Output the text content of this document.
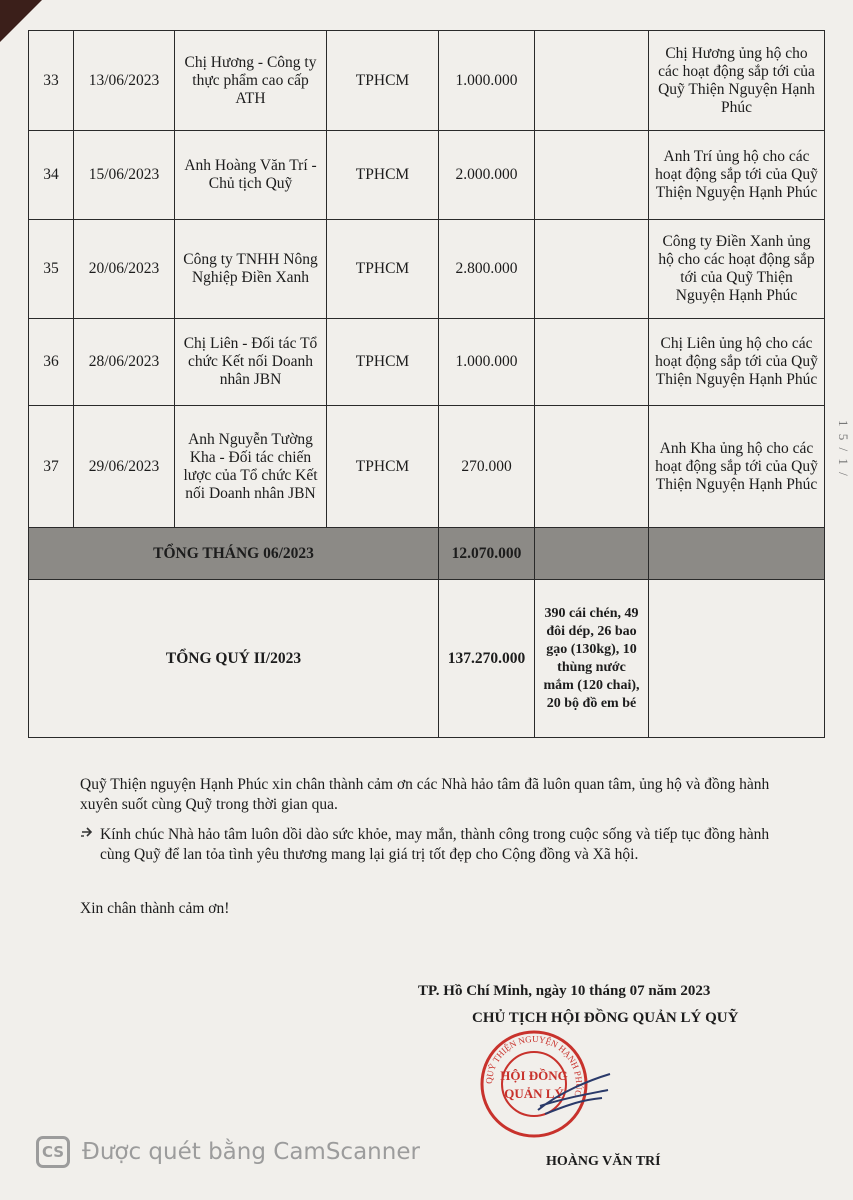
1 5 / 1 /
33	13/06/2023	Chị Hương - Công ty thực phẩm cao cấp ATH	TPHCM	1.000.000		Chị Hương ủng hộ cho các hoạt động sắp tới của Quỹ Thiện Nguyện Hạnh Phúc
34	15/06/2023	Anh Hoàng Văn Trí - Chủ tịch Quỹ	TPHCM	2.000.000		Anh Trí ủng hộ cho các hoạt động sắp tới của Quỹ Thiện Nguyện Hạnh Phúc
35	20/06/2023	Công ty TNHH Nông Nghiệp Điền Xanh	TPHCM	2.800.000		Công ty Điền Xanh ủng hộ cho các hoạt động sắp tới của Quỹ Thiện Nguyện Hạnh Phúc
36	28/06/2023	Chị Liên - Đối tác Tổ chức Kết nối Doanh nhân JBN	TPHCM	1.000.000		Chị Liên ủng hộ cho các hoạt động sắp tới của Quỹ Thiện Nguyện Hạnh Phúc
37	29/06/2023	Anh Nguyễn Tường Kha - Đối tác chiến lược của Tổ chức Kết nối Doanh nhân JBN	TPHCM	270.000		Anh Kha ủng hộ cho các hoạt động sắp tới của Quỹ Thiện Nguyện Hạnh Phúc
TỔNG THÁNG 06/2023				12.070.000		
TỔNG QUÝ II/2023				137.270.000	390 cái chén, 49 đôi dép, 26 bao gạo (130kg), 10 thùng nước mắm (120 chai), 20 bộ đồ em bé	
Quỹ Thiện nguyện Hạnh Phúc xin chân thành cảm ơn các Nhà hảo tâm đã luôn quan tâm, ủng hộ và đồng hành xuyên suốt cùng Quỹ trong thời gian qua.
Kính chúc Nhà hảo tâm luôn dồi dào sức khỏe, may mắn, thành công trong cuộc sống và tiếp tục đồng hành cùng Quỹ để lan tỏa tình yêu thương mang lại giá trị tốt đẹp cho Cộng đồng và Xã hội.
Xin chân thành cảm ơn!
TP. Hồ Chí Minh, ngày 10 tháng 07 năm 2023
CHỦ TỊCH HỘI ĐỒNG QUẢN LÝ QUỸ
QUỸ THIỆN NGUYỆN HẠNH PHÚC
HỘI ĐỒNG
QUẢN LÝ
HOÀNG VĂN TRÍ
CS Được quét bằng CamScanner
